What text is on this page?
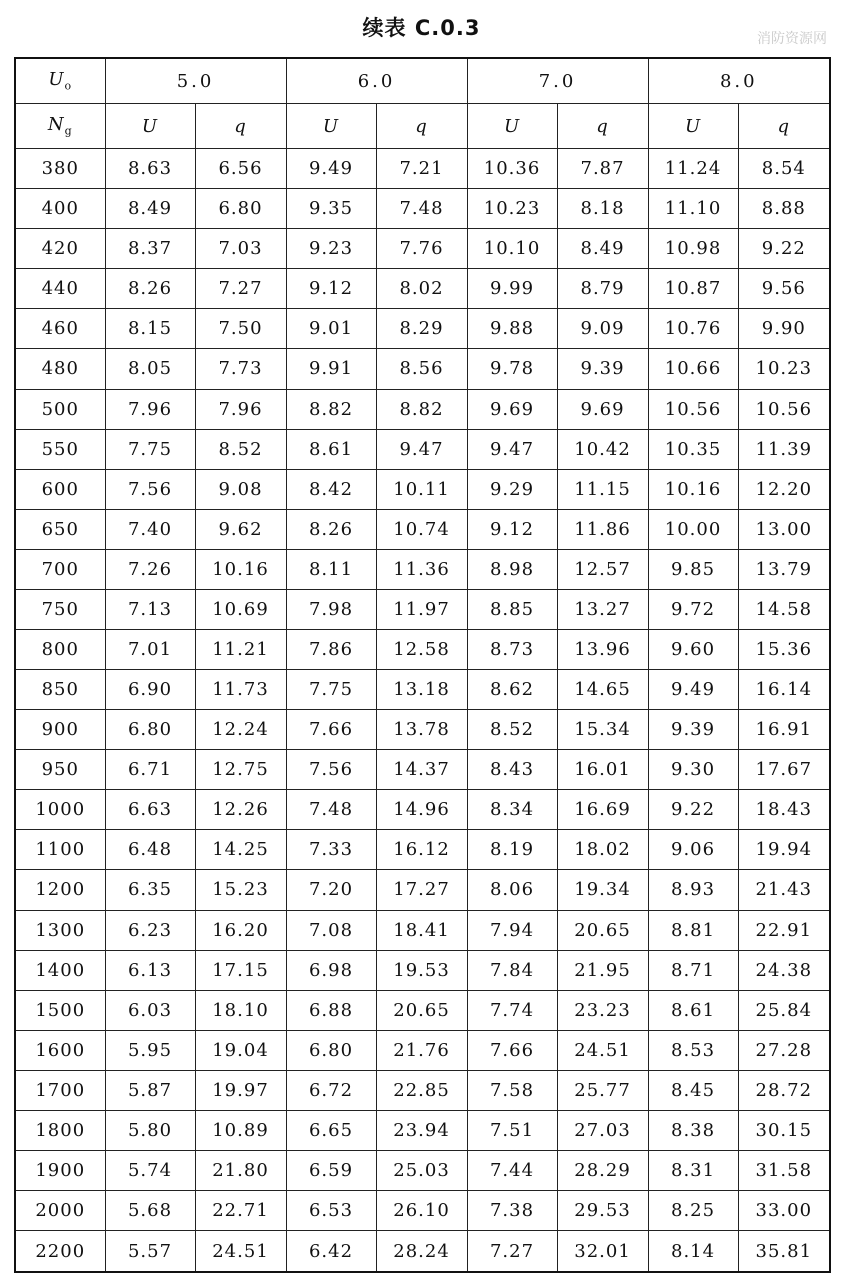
续表 C.0.3	消防资源网
$U_o$	5.0		6.0		7.0		8.0	
$N_g$	U	q	U	q	U	q	U	q
380	8.63	6.56	9.49	7.21	10.36	7.87	11.24	8.54
400	8.49	6.80	9.35	7.48	10.23	8.18	11.10	8.88
420	8.37	7.03	9.23	7.76	10.10	8.49	10.98	9.22
440	8.26	7.27	9.12	8.02	9.99	8.79	10.87	9.56
460	8.15	7.50	9.01	8.29	9.88	9.09	10.76	9.90
480	8.05	7.73	9.91	8.56	9.78	9.39	10.66	10.23
500	7.96	7.96	8.82	8.82	9.69	9.69	10.56	10.56
550	7.75	8.52	8.61	9.47	9.47	10.42	10.35	11.39
600	7.56	9.08	8.42	10.11	9.29	11.15	10.16	12.20
650	7.40	9.62	8.26	10.74	9.12	11.86	10.00	13.00
700	7.26	10.16	8.11	11.36	8.98	12.57	9.85	13.79
750	7.13	10.69	7.98	11.97	8.85	13.27	9.72	14.58
800	7.01	11.21	7.86	12.58	8.73	13.96	9.60	15.36
850	6.90	11.73	7.75	13.18	8.62	14.65	9.49	16.14
900	6.80	12.24	7.66	13.78	8.52	15.34	9.39	16.91
950	6.71	12.75	7.56	14.37	8.43	16.01	9.30	17.67
1000	6.63	12.26	7.48	14.96	8.34	16.69	9.22	18.43
1100	6.48	14.25	7.33	16.12	8.19	18.02	9.06	19.94
1200	6.35	15.23	7.20	17.27	8.06	19.34	8.93	21.43
1300	6.23	16.20	7.08	18.41	7.94	20.65	8.81	22.91
1400	6.13	17.15	6.98	19.53	7.84	21.95	8.71	24.38
1500	6.03	18.10	6.88	20.65	7.74	23.23	8.61	25.84
1600	5.95	19.04	6.80	21.76	7.66	24.51	8.53	27.28
1700	5.87	19.97	6.72	22.85	7.58	25.77	8.45	28.72
1800	5.80	10.89	6.65	23.94	7.51	27.03	8.38	30.15
1900	5.74	21.80	6.59	25.03	7.44	28.29	8.31	31.58
2000	5.68	22.71	6.53	26.10	7.38	29.53	8.25	33.00
2200	5.57	24.51	6.42	28.24	7.27	32.01	8.14	35.81
